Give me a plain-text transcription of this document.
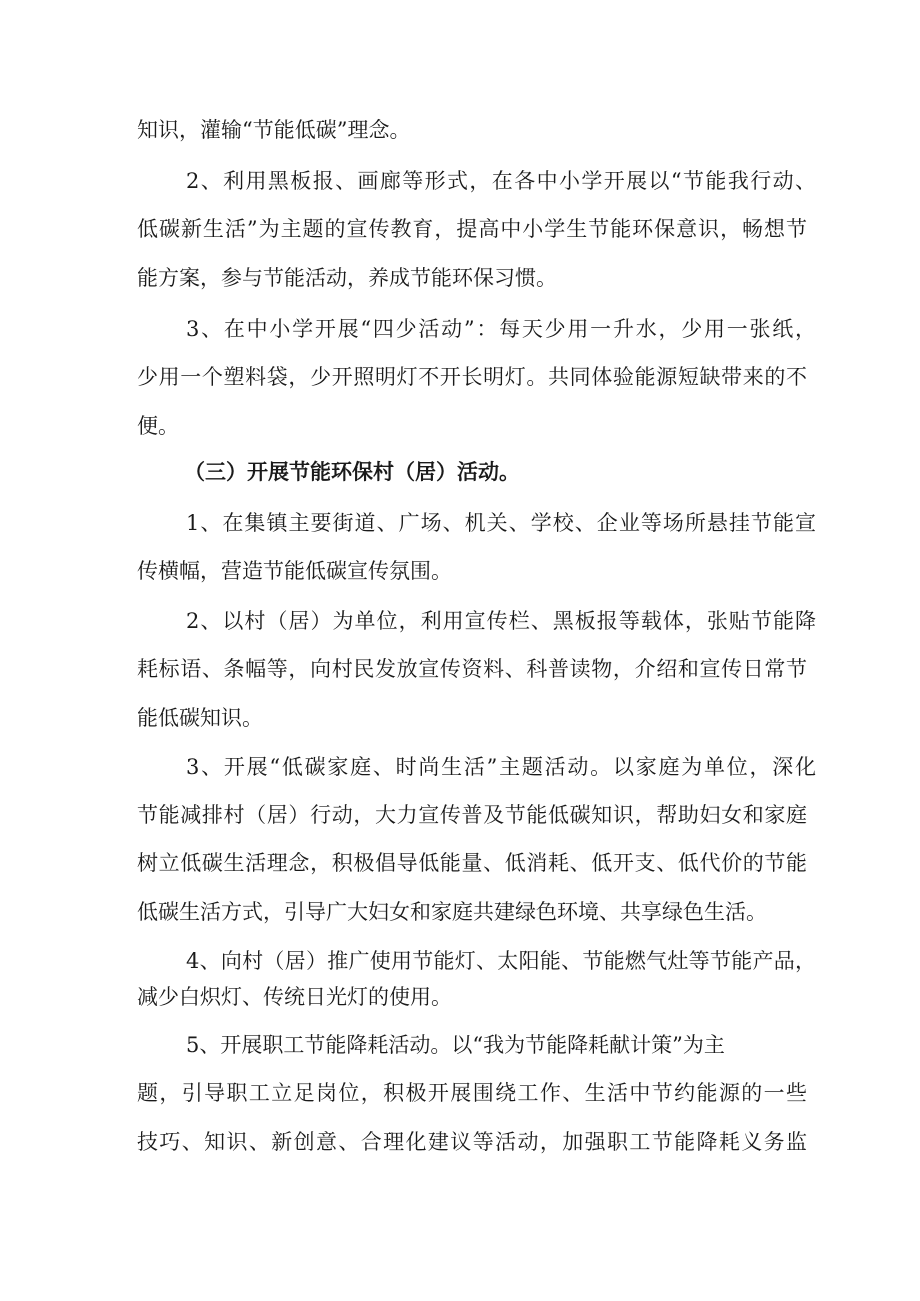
知识，灌输“节能低碳”理念。
2、利用黑板报、画廊等形式，在各中小学开展以“节能我行动、
低碳新生活”为主题的宣传教育，提高中小学生节能环保意识，畅想节
能方案，参与节能活动，养成节能环保习惯。
3、在中小学开展“四少活动”：每天少用一升水，少用一张纸，
少用一个塑料袋，少开照明灯不开长明灯。共同体验能源短缺带来的不
便。
（三）开展节能环保村（居）活动。
1、在集镇主要街道、广场、机关、学校、企业等场所悬挂节能宣
传横幅，营造节能低碳宣传氛围。
2、以村（居）为单位，利用宣传栏、黑板报等载体，张贴节能降
耗标语、条幅等，向村民发放宣传资料、科普读物，介绍和宣传日常节
能低碳知识。
3、开展“低碳家庭、时尚生活”主题活动。以家庭为单位，深化
节能减排村（居）行动，大力宣传普及节能低碳知识，帮助妇女和家庭
树立低碳生活理念，积极倡导低能量、低消耗、低开支、低代价的节能
低碳生活方式，引导广大妇女和家庭共建绿色环境、共享绿色生活。
4、向村（居）推广使用节能灯、太阳能、节能燃气灶等节能产品，
减少白炽灯、传统日光灯的使用。
5、开展职工节能降耗活动。以“我为节能降耗献计策”为主
题，引导职工立足岗位，积极开展围绕工作、生活中节约能源的一些
技巧、知识、新创意、合理化建议等活动，加强职工节能降耗义务监
